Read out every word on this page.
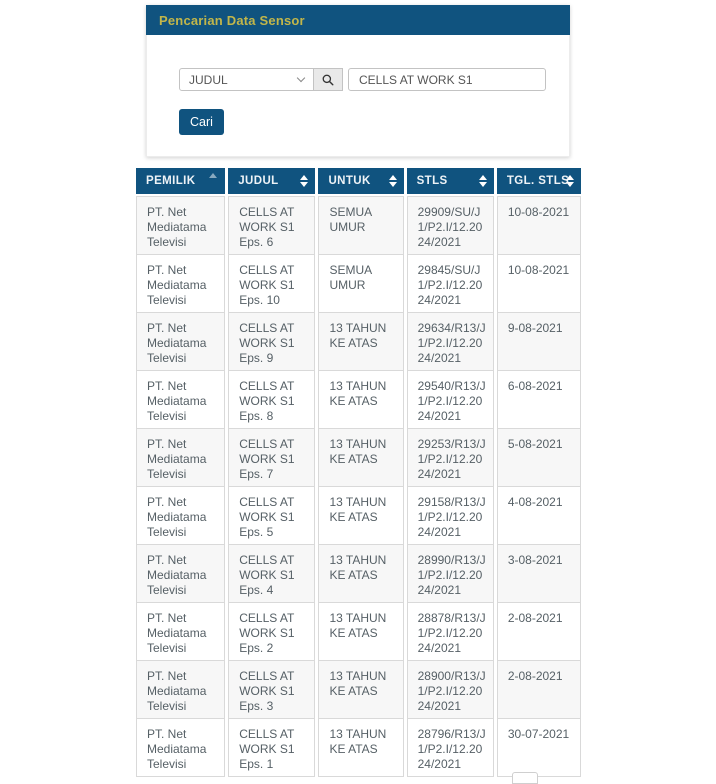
Pencarian Data Sensor
JUDUL
CELLS AT WORK S1
Cari
PEMILIK	JUDUL	UNTUK	STLS	TGL. STLS

PT. Net Mediatama Televisi	CELLS AT WORK S1 Eps. 6	SEMUA UMUR	29909/SU/J1/P2.I/12.2024/2021	10-08-2021
PT. Net Mediatama Televisi	CELLS AT WORK S1 Eps. 10	SEMUA UMUR	29845/SU/J1/P2.I/12.2024/2021	10-08-2021
PT. Net Mediatama Televisi	CELLS AT WORK S1 Eps. 9	13 TAHUN KE ATAS	29634/R13/J1/P2.I/12.2024/2021	9-08-2021
PT. Net Mediatama Televisi	CELLS AT WORK S1 Eps. 8	13 TAHUN KE ATAS	29540/R13/J1/P2.I/12.2024/2021	6-08-2021
PT. Net Mediatama Televisi	CELLS AT WORK S1 Eps. 7	13 TAHUN KE ATAS	29253/R13/J1/P2.I/12.2024/2021	5-08-2021
PT. Net Mediatama Televisi	CELLS AT WORK S1 Eps. 5	13 TAHUN KE ATAS	29158/R13/J1/P2.I/12.2024/2021	4-08-2021
PT. Net Mediatama Televisi	CELLS AT WORK S1 Eps. 4	13 TAHUN KE ATAS	28990/R13/J1/P2.I/12.2024/2021	3-08-2021
PT. Net Mediatama Televisi	CELLS AT WORK S1 Eps. 2	13 TAHUN KE ATAS	28878/R13/J1/P2.I/12.2024/2021	2-08-2021
PT. Net Mediatama Televisi	CELLS AT WORK S1 Eps. 3	13 TAHUN KE ATAS	28900/R13/J1/P2.I/12.2024/2021	2-08-2021
PT. Net Mediatama Televisi	CELLS AT WORK S1 Eps. 1	13 TAHUN KE ATAS	28796/R13/J1/P2.I/12.2024/2021	30-07-2021
